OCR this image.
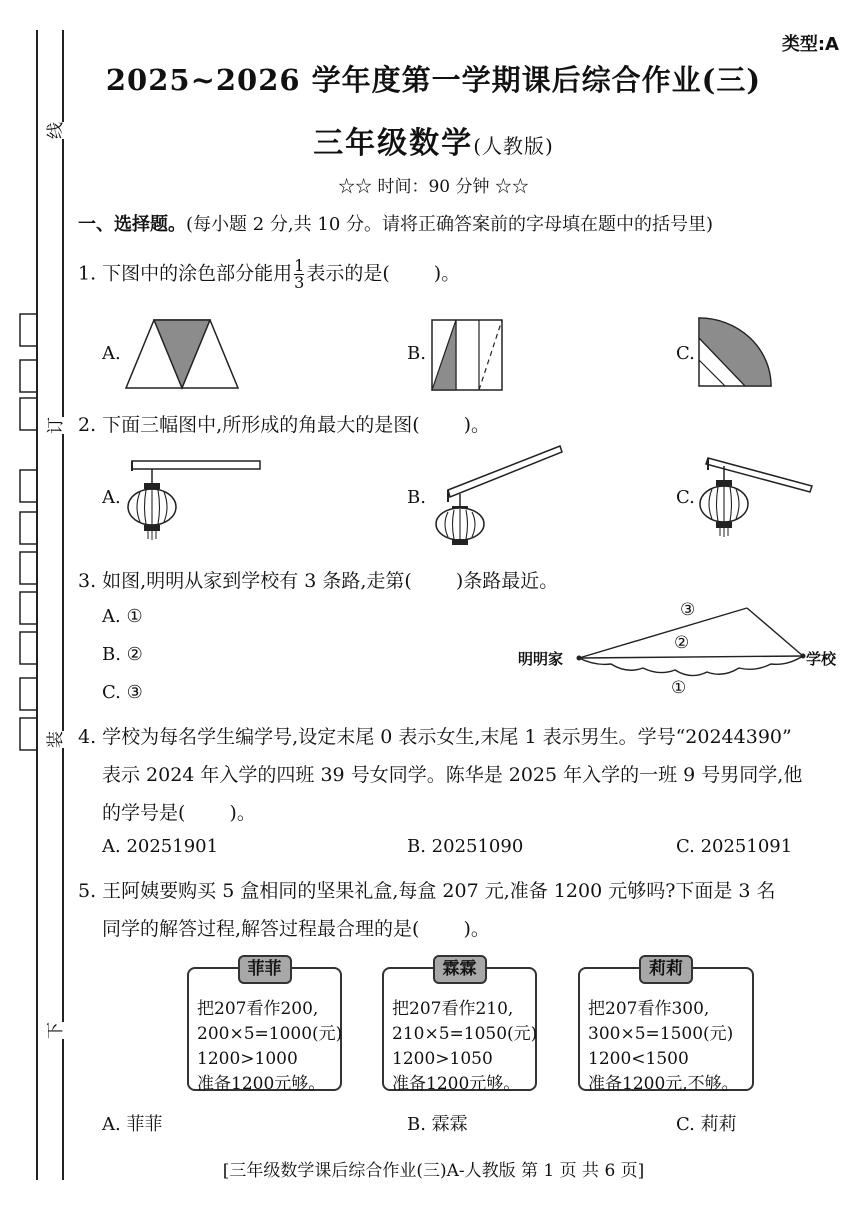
线
订
装
下
类型:A
2025~2026 学年度第一学期课后综合作业(三)
三年级数学(人教版)
☆☆ 时间：90 分钟 ☆☆
一、选择题。(每小题 2 分,共 10 分。请将正确答案前的字母填在题中的括号里)
1. 下图中的涂色部分能用 $\frac{1}{3}$ 表示的是( )。
A.	B.	C.
2. 下面三幅图中,所形成的角最大的是图( )。
A.	B.	C.
3. 如图,明明从家到学校有 3 条路,走第( )条路最近。
A. ①
B. ②
C. ③
明明家	学校
③
②
①
4. 学校为每名学生编学号,设定末尾 0 表示女生,末尾 1 表示男生。学号“20244390”
表示 2024 年入学的四班 39 号女同学。陈华是 2025 年入学的一班 9 号男同学,他
的学号是( )。
A. 20251901	B. 20251090	C. 20251091
5. 王阿姨要购买 5 盒相同的坚果礼盒,每盒 207 元,准备 1200 元够吗?下面是 3 名
同学的解答过程,解答过程最合理的是( )。
菲菲
把207看作200,
200×5=1000(元)
1200>1000
准备1200元够。
霖霖
把207看作210,
210×5=1050(元)
1200>1050
准备1200元够。
莉莉
把207看作300,
300×5=1500(元)
1200<1500
准备1200元,不够。
A. 菲菲	B. 霖霖	C. 莉莉
[三年级数学课后综合作业(三)A-人教版 第 1 页 共 6 页]
